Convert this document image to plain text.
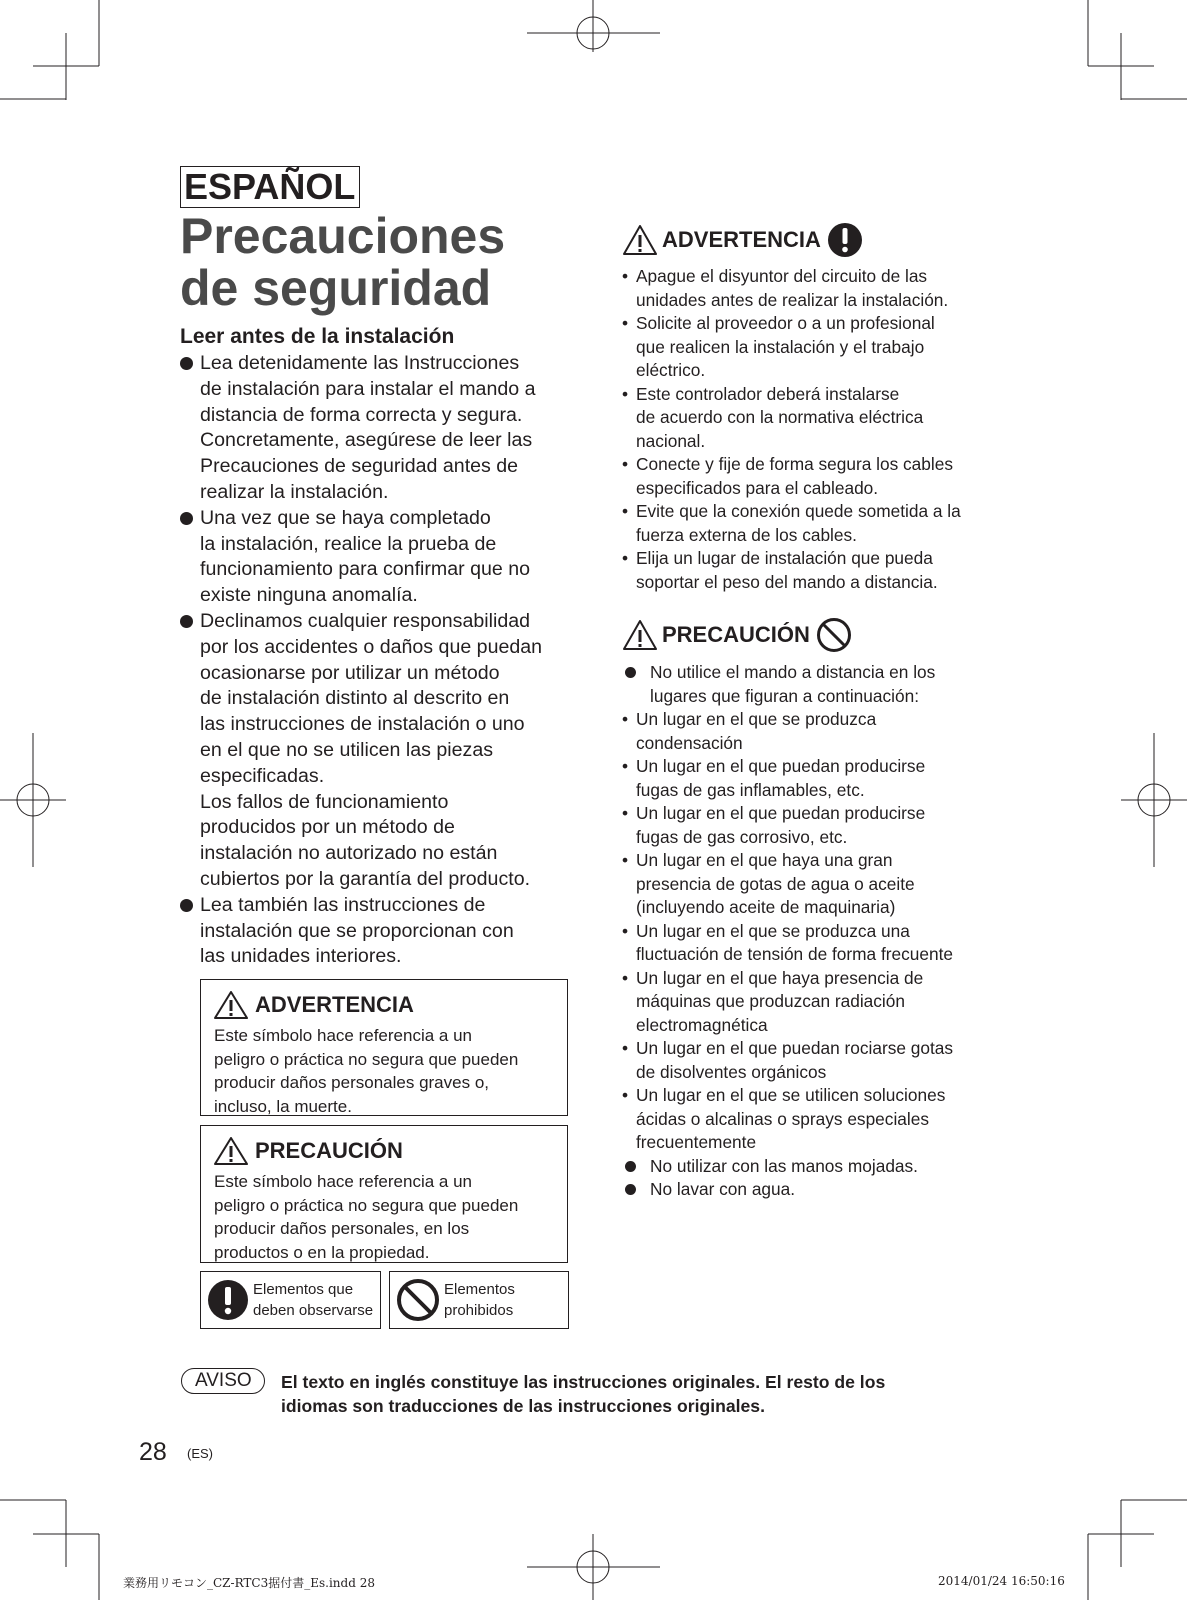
ESPAÑOL
Precauciones
de seguridad
Leer antes de la instalación
Lea detenidamente las Instrucciones
de instalación para instalar el mando a
distancia de forma correcta y segura.
Concretamente, asegúrese de leer las
Precauciones de seguridad antes de
realizar la instalación.
Una vez que se haya completado
la instalación, realice la prueba de
funcionamiento para confirmar que no
existe ninguna anomalía.
Declinamos cualquier responsabilidad
por los accidentes o daños que puedan
ocasionarse por utilizar un método
de instalación distinto al descrito en
las instrucciones de instalación o uno
en el que no se utilicen las piezas
especificadas.
Los fallos de funcionamiento
producidos por un método de
instalación no autorizado no están
cubiertos por la garantía del producto.
Lea también las instrucciones de
instalación que se proporcionan con
las unidades interiores.
ADVERTENCIA
Este símbolo hace referencia a un
peligro o práctica no segura que pueden
producir daños personales graves o,
incluso, la muerte.
PRECAUCIÓN
Este símbolo hace referencia a un
peligro o práctica no segura que pueden
producir daños personales, en los
productos o en la propiedad.
Elementos que
deben observarse
Elementos
prohibidos
ADVERTENCIA
• Apague el disyuntor del circuito de las
unidades antes de realizar la instalación.
• Solicite al proveedor o a un profesional
que realicen la instalación y el trabajo
eléctrico.
• Este controlador deberá instalarse
de acuerdo con la normativa eléctrica
nacional.
• Conecte y fije de forma segura los cables
especificados para el cableado.
• Evite que la conexión quede sometida a la
fuerza externa de los cables.
• Elija un lugar de instalación que pueda
soportar el peso del mando a distancia.
PRECAUCIÓN
No utilice el mando a distancia en los
lugares que figuran a continuación:
• Un lugar en el que se produzca
condensación
• Un lugar en el que puedan producirse
fugas de gas inflamables, etc.
• Un lugar en el que puedan producirse
fugas de gas corrosivo, etc.
• Un lugar en el que haya una gran
presencia de gotas de agua o aceite
(incluyendo aceite de maquinaria)
• Un lugar en el que se produzca una
fluctuación de tensión de forma frecuente
• Un lugar en el que haya presencia de
máquinas que produzcan radiación
electromagnética
• Un lugar en el que puedan rociarse gotas
de disolventes orgánicos
• Un lugar en el que se utilicen soluciones
ácidas o alcalinas o sprays especiales
frecuentemente
No utilizar con las manos mojadas.
No lavar con agua.
AVISO	El texto en inglés constituye las instrucciones originales. El resto de los
idiomas son traducciones de las instrucciones originales.
28 (ES)
業務用リモコン_CZ-RTC3据付書_Es.indd 28	2014/01/24 16:50:16
